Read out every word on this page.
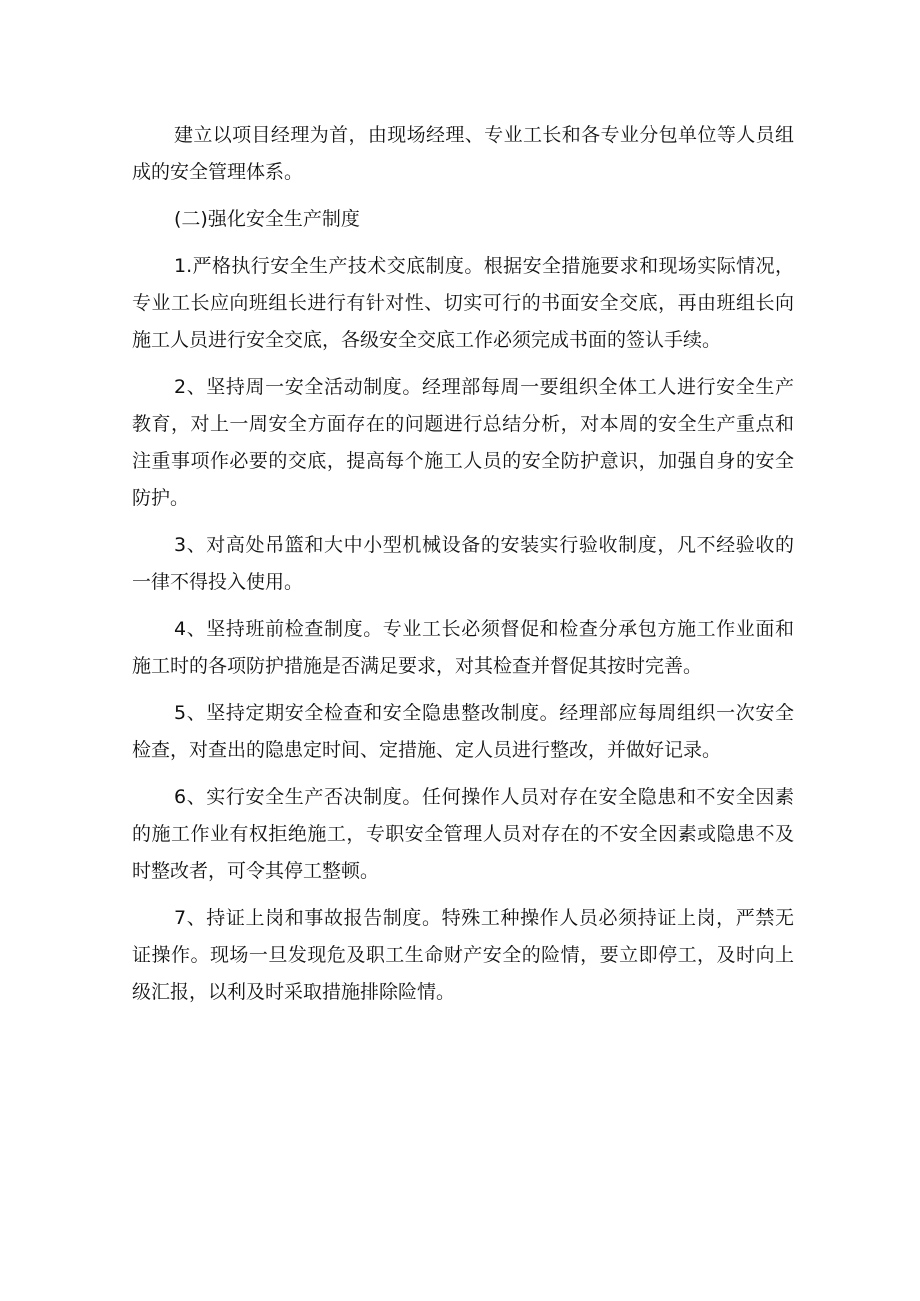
建立以项目经理为首，由现场经理、专业工长和各专业分包单位等人员组成的安全管理体系。

(二)强化安全生产制度

1.严格执行安全生产技术交底制度。根据安全措施要求和现场实际情况，专业工长应向班组长进行有针对性、切实可行的书面安全交底，再由班组长向施工人员进行安全交底，各级安全交底工作必须完成书面的签认手续。

2、坚持周一安全活动制度。经理部每周一要组织全体工人进行安全生产教育，对上一周安全方面存在的问题进行总结分析，对本周的安全生产重点和注重事项作必要的交底，提高每个施工人员的安全防护意识，加强自身的安全防护。

3、对高处吊篮和大中小型机械设备的安装实行验收制度，凡不经验收的一律不得投入使用。

4、坚持班前检查制度。专业工长必须督促和检查分承包方施工作业面和施工时的各项防护措施是否满足要求，对其检查并督促其按时完善。

5、坚持定期安全检查和安全隐患整改制度。经理部应每周组织一次安全检查，对查出的隐患定时间、定措施、定人员进行整改，并做好记录。

6、实行安全生产否决制度。任何操作人员对存在安全隐患和不安全因素的施工作业有权拒绝施工，专职安全管理人员对存在的不安全因素或隐患不及时整改者，可令其停工整顿。

7、持证上岗和事故报告制度。特殊工种操作人员必须持证上岗，严禁无证操作。现场一旦发现危及职工生命财产安全的险情，要立即停工，及时向上级汇报，以利及时采取措施排除险情。
